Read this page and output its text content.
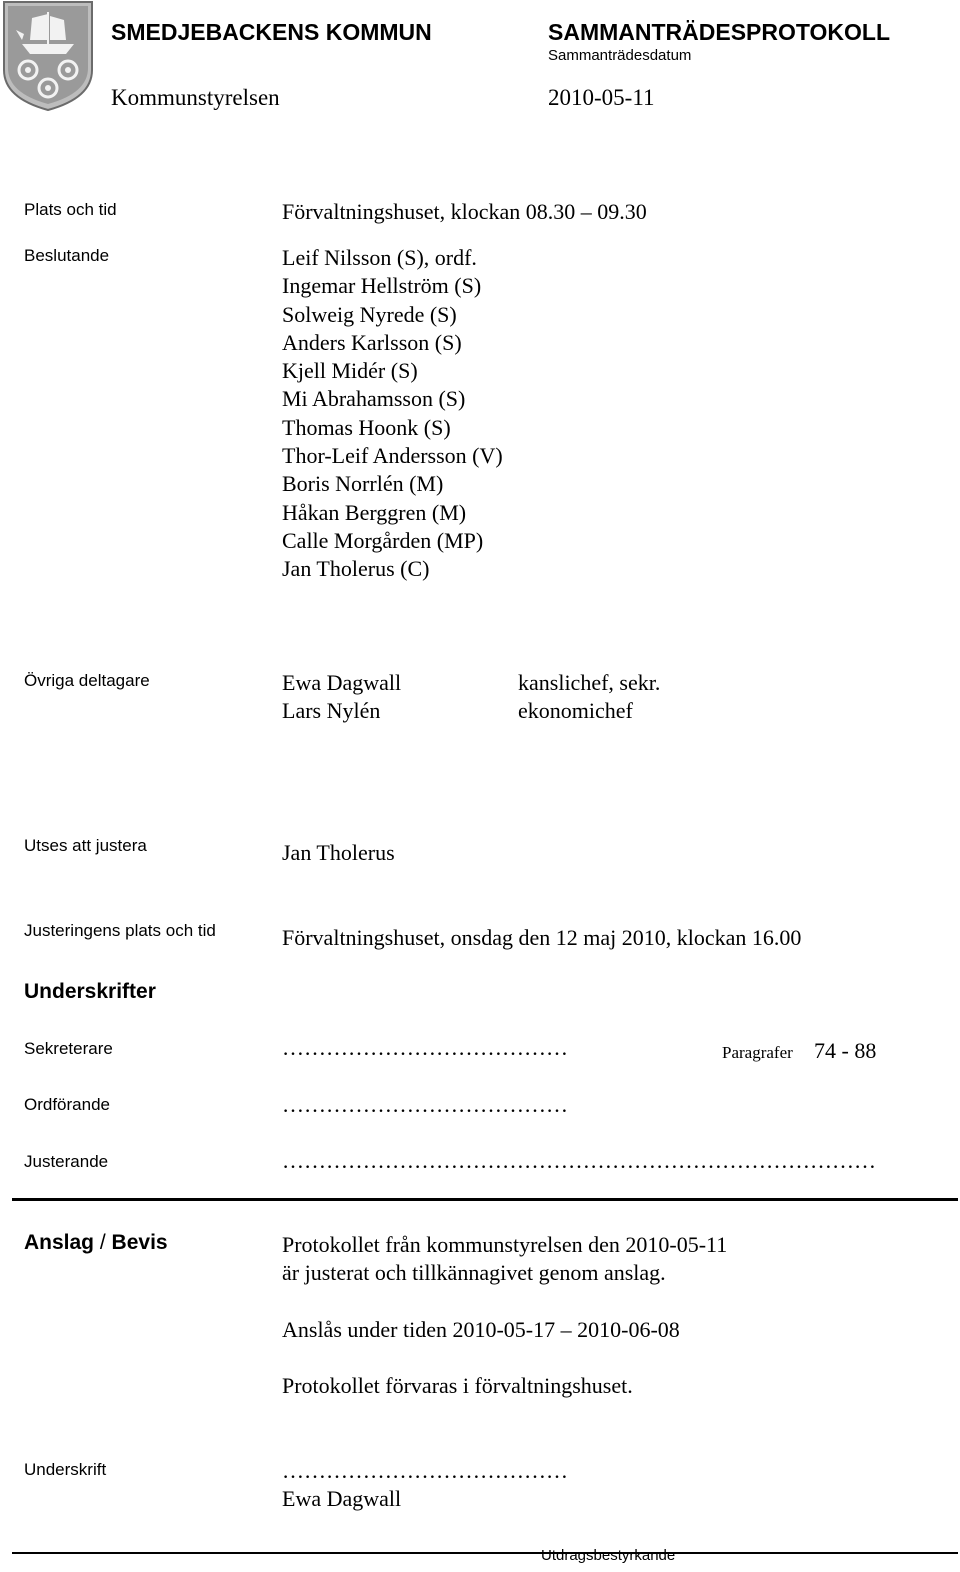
SMEDJEBACKENS KOMMUN	SAMMANTRÄDESPROTOKOLL
Sammanträdesdatum
Kommunstyrelsen	2010-05-11
Plats och tid	Förvaltningshuset, klockan 08.30 – 09.30
Beslutande	Leif Nilsson (S), ordf.
Ingemar Hellström (S)
Solweig Nyrede (S)
Anders Karlsson (S)
Kjell Midér (S)
Mi Abrahamsson (S)
Thomas Hoonk (S)
Thor-Leif Andersson (V)
Boris Norrlén (M)
Håkan Berggren (M)
Calle Morgården (MP)
Jan Tholerus (C)
Övriga deltagare	Ewa Dagwall	kanslichef, sekr.
Lars Nylén	ekonomichef
Utses att justera	Jan Tholerus
Justeringens plats och tid	Förvaltningshuset, onsdag den 12 maj 2010, klockan 16.00
Underskrifter
Sekreterare	…………………………………	Paragrafer 74 - 88
Ordförande	…………………………………
Justerande	………………………………………………………………………
Anslag / Bevis	Protokollet från kommunstyrelsen den 2010-05-11
är justerat och tillkännagivet genom anslag.
Anslås under tiden 2010-05-17 – 2010-06-08
Protokollet förvaras i förvaltningshuset.
Underskrift	…………………………………
Ewa Dagwall
Utdragsbestyrkande
